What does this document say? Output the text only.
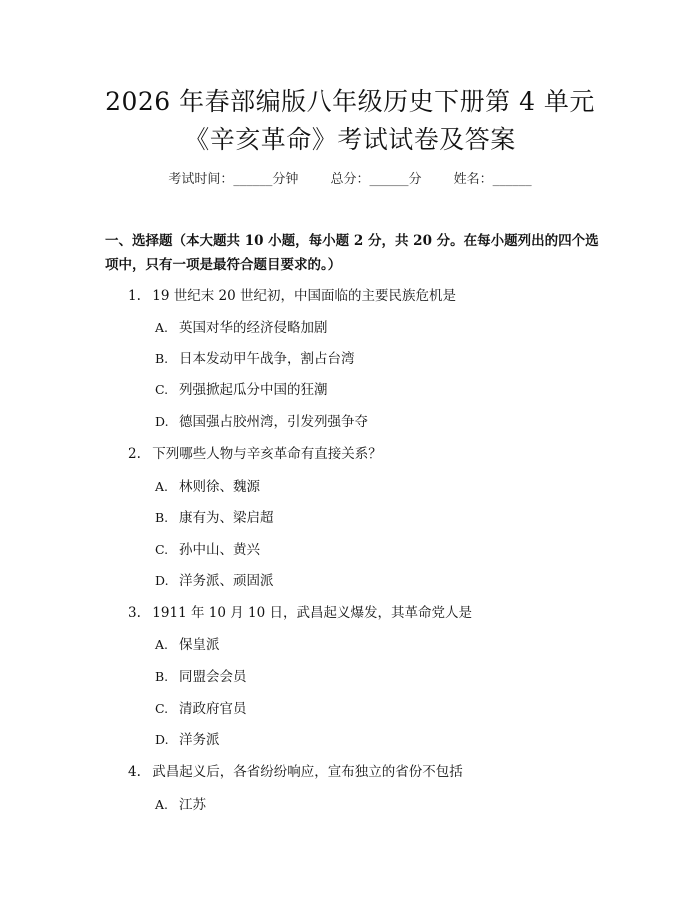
2026 年春部编版八年级历史下册第 4 单元
《辛亥革命》考试试卷及答案
考试时间：______分钟 总分：______分 姓名：______
一、选择题（本大题共 10 小题，每小题 2 分，共 20 分。在每小题列出的四个选项中，只有一项是最符合题目要求的。）
1. 19 世纪末 20 世纪初，中国面临的主要民族危机是
A. 英国对华的经济侵略加剧
B. 日本发动甲午战争，割占台湾
C. 列强掀起瓜分中国的狂潮
D. 德国强占胶州湾，引发列强争夺
2. 下列哪些人物与辛亥革命有直接关系？
A. 林则徐、魏源
B. 康有为、梁启超
C. 孙中山、黄兴
D. 洋务派、顽固派
3. 1911 年 10 月 10 日，武昌起义爆发，其革命党人是
A. 保皇派
B. 同盟会会员
C. 清政府官员
D. 洋务派
4. 武昌起义后，各省纷纷响应，宣布独立的省份不包括
A. 江苏
